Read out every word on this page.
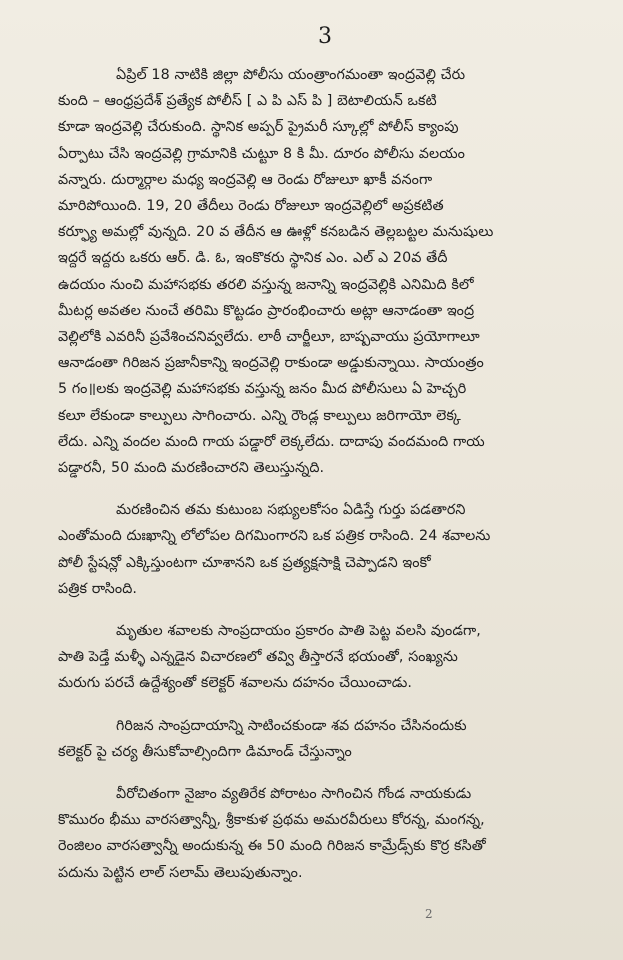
3
ఏప్రిల్ 18 నాటికి జిల్లా పోలీసు యంత్రాంగమంతా ఇంద్రవెల్లి చేరు
కుంది – ఆంధ్రప్రదేశ్ ప్రత్యేక పోలీస్ [ ఎ పి ఎస్ పి ] బెటాలియన్ ఒకటి
కూడా ఇంద్రవెల్లి చేరుకుంది. స్థానిక అప్పర్ ప్రైమరీ స్కూల్లో పోలీస్ క్యాంపు
ఏర్పాటు చేసి ఇంద్రవెల్లి గ్రామానికి చుట్టూ 8 కి మీ. దూరం పోలీసు వలయం
వన్నారు. దుర్మార్గాల మధ్య ఇంద్రవెల్లి ఆ రెండు రోజులూ ఖాకీ వనంగా
మారిపోయింది. 19, 20 తేదీలు రెండు రోజులూ ఇంద్రవెల్లిలో అప్రకటిత
కర్ఫ్యూ అమల్లో వున్నది. 20 వ తేదీన ఆ ఊళ్లో కనబడిన తెల్లబట్టల మనుషులు
ఇద్దరే ఇద్దరు ఒకరు ఆర్. డి. ఓ, ఇంకొకరు స్థానిక ఎం. ఎల్ ఎ 20వ తేదీ
ఉదయం నుంచి మహాసభకు తరలి వస్తున్న జనాన్ని ఇంద్రవెల్లికి ఎనిమిది కిలో
మీటర్ల అవతల నుంచే తరిమి కొట్టడం ప్రారంభించారు అట్లా ఆనాడంతా ఇంద్ర
వెల్లిలోకి ఎవరినీ ప్రవేశించనివ్వలేదు. లాఠీ చార్జీలూ, బాష్పవాయు ప్రయోగాలూ
ఆనాడంతా గిరిజన ప్రజానీకాన్ని ఇంద్రవెల్లి రాకుండా అడ్డుకున్నాయి. సాయంత్రం
5 గం॥లకు ఇంద్రవెల్లి మహాసభకు వస్తున్న జనం మీద పోలీసులు ఏ హెచ్చరి
కలూ లేకుండా కాల్పులు సాగించారు. ఎన్ని రౌండ్ల కాల్పులు జరిగాయో లెక్క
లేదు. ఎన్ని వందల మంది గాయ పడ్డారో లెక్కలేదు. దాదాపు వందమంది గాయ
పడ్డారనీ, 50 మంది మరణించారని తెలుస్తున్నది.
మరణించిన తమ కుటుంబ సభ్యులకోసం ఏడిస్తే గుర్తు పడతారని
ఎంతోమంది దుఃఖాన్ని లోలోపల దిగమింగారని ఒక పత్రిక రాసింది. 24 శవాలను
పోలీ స్టేషన్లో ఎక్కిస్తుంటగా చూశానని ఒక ప్రత్యక్షసాక్షి చెప్పాడని ఇంకో
పత్రిక రాసింది.
మృతుల శవాలకు సాంప్రదాయం ప్రకారం పాతి పెట్ట వలసి వుండగా,
పాతి పెడ్తే మళ్ళీ ఎన్నడైన విచారణలో తవ్వి తీస్తారనే భయంతో, సంఖ్యను
మరుగు పరచే ఉద్దేశ్యంతో కలెక్టర్ శవాలను దహనం చేయించాడు.
గిరిజన సాంప్రదాయాన్ని సాటించకుండా శవ దహనం చేసినందుకు
కలెక్టర్ పై చర్య తీసుకోవాల్సిందిగా డిమాండ్ చేస్తున్నాం
వీరోచితంగా నైజాం వ్యతిరేక పోరాటం సాగించిన గోండ నాయకుడు
కొమురం భీము వారసత్వాన్నీ, శ్రీకాకుళ ప్రథమ అమరవీరులు కోరన్న, మంగన్న,
రెంజిలం వారసత్వాన్నీ అందుకున్న ఈ 50 మంది గిరిజన కామ్రేడ్స్‌కు కొర్ర కసితో
పదును పెట్టిన లాల్ సలామ్ తెలుపుతున్నాం.
2
